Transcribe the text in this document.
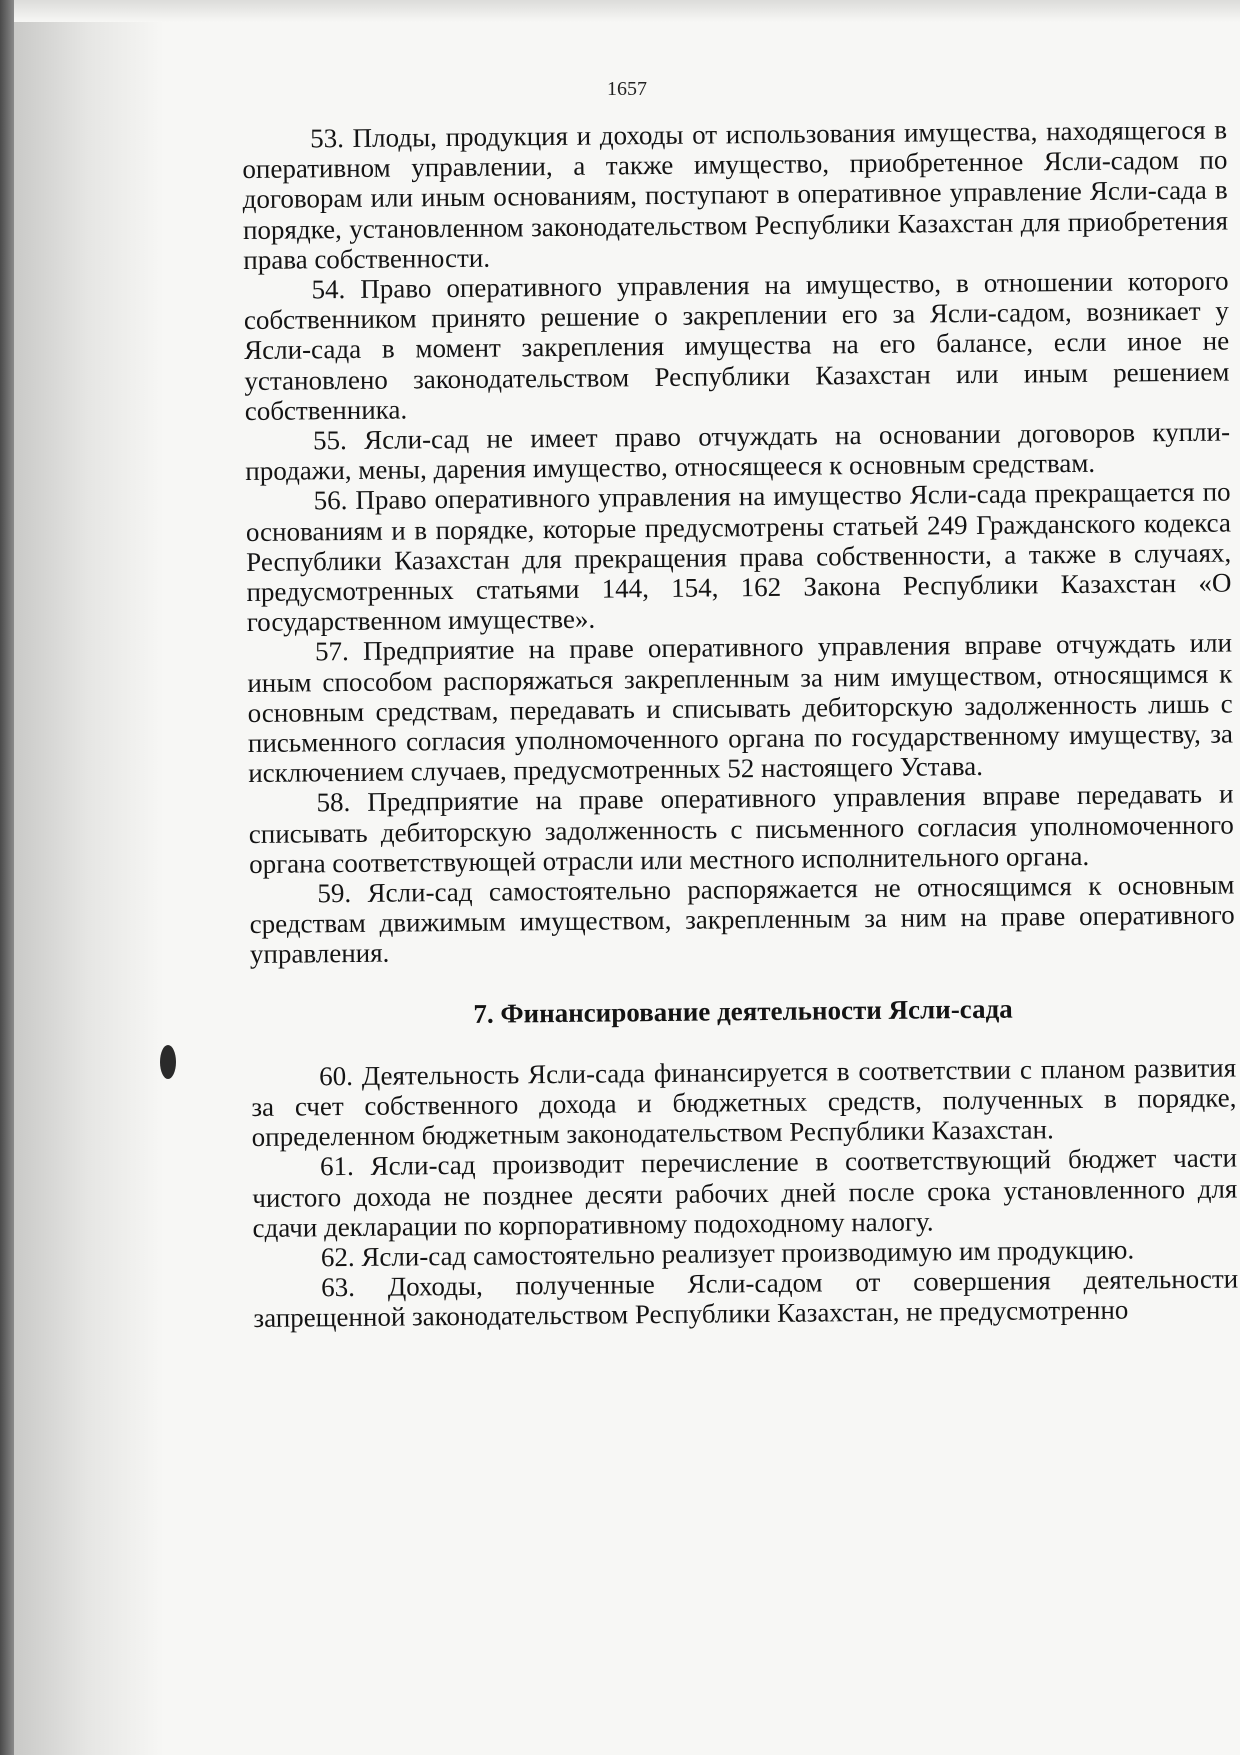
1657

53. Плоды, продукция и доходы от использования имущества, находящегося в оперативном управлении, а также имущество, приобретенное Ясли-садом по договорам или иным основаниям, поступают в оперативное управление Ясли-сада в порядке, установленном законодательством Республики Казахстан для приобретения права собственности.

54. Право оперативного управления на имущество, в отношении которого собственником принято решение о закреплении его за Ясли-садом, возникает у Ясли-сада в момент закрепления имущества на его балансе, если иное не установлено законодательством Республики Казахстан или иным решением собственника.

55. Ясли-сад не имеет право отчуждать на основании договоров купли-продажи, мены, дарения имущество, относящееся к основным средствам.

56. Право оперативного управления на имущество Ясли-сада прекращается по основаниям и в порядке, которые предусмотрены статьей 249 Гражданского кодекса Республики Казахстан для прекращения права собственности, а также в случаях, предусмотренных статьями 144, 154, 162 Закона Республики Казахстан «О государственном имуществе».

57. Предприятие на праве оперативного управления вправе отчуждать или иным способом распоряжаться закрепленным за ним имуществом, относящимся к основным средствам, передавать и списывать дебиторскую задолженность лишь с письменного согласия уполномоченного органа по государственному имуществу, за исключением случаев, предусмотренных 52 настоящего Устава.

58. Предприятие на праве оперативного управления вправе передавать и списывать дебиторскую задолженность с письменного согласия уполномоченного органа соответствующей отрасли или местного исполнительного органа.

59. Ясли-сад самостоятельно распоряжается не относящимся к основным средствам движимым имуществом, закрепленным за ним на праве оперативного управления.

7. Финансирование деятельности Ясли-сада

60. Деятельность Ясли-сада финансируется в соответствии с планом развития за счет собственного дохода и бюджетных средств, полученных в порядке, определенном бюджетным законодательством Республики Казахстан.

61. Ясли-сад производит перечисление в соответствующий бюджет части чистого дохода не позднее десяти рабочих дней после срока установленного для сдачи декларации по корпоративному подоходному налогу.

62. Ясли-сад самостоятельно реализует производимую им продукцию.

63. Доходы, полученные Ясли-садом от совершения деятельности запрещенной законодательством Республики Казахстан, не предусмотренно
